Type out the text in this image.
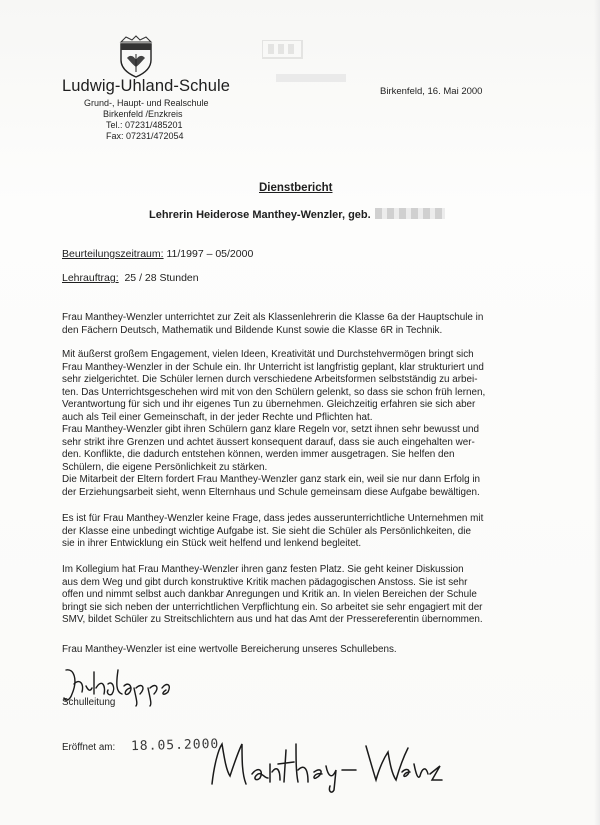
Ludwig-Uhland-Schule
Grund-, Haupt- und Realschule
Birkenfeld /Enzkreis
Tel.: 07231/485201
Fax: 07231/472054
Birkenfeld, 16. Mai 2000
Dienstbericht
Lehrerin Heiderose Manthey-Wenzler, geb.
Beurteilungszeitraum: 11/1997 – 05/2000
Lehrauftrag: 25 / 28 Stunden
Frau Manthey-Wenzler unterrichtet zur Zeit als Klassenlehrerin die Klasse 6a der Hauptschule in
den Fächern Deutsch, Mathematik und Bildende Kunst sowie die Klasse 6R in Technik.
Mit äußerst großem Engagement, vielen Ideen, Kreativität und Durchstehvermögen bringt sich
Frau Manthey-Wenzler in der Schule ein. Ihr Unterricht ist langfristig geplant, klar strukturiert und
sehr zielgerichtet. Die Schüler lernen durch verschiedene Arbeitsformen selbstständig zu arbei-
ten. Das Unterrichtsgeschehen wird mit von den Schülern gelenkt, so dass sie schon früh lernen,
Verantwortung für sich und ihr eigenes Tun zu übernehmen. Gleichzeitig erfahren sie sich aber
auch als Teil einer Gemeinschaft, in der jeder Rechte und Pflichten hat.
Frau Manthey-Wenzler gibt ihren Schülern ganz klare Regeln vor, setzt ihnen sehr bewusst und
sehr strikt ihre Grenzen und achtet äussert konsequent darauf, dass sie auch eingehalten wer-
den. Konflikte, die dadurch entstehen können, werden immer ausgetragen. Sie helfen den
Schülern, die eigene Persönlichkeit zu stärken.
Die Mitarbeit der Eltern fordert Frau Manthey-Wenzler ganz stark ein, weil sie nur dann Erfolg in
der Erziehungsarbeit sieht, wenn Elternhaus und Schule gemeinsam diese Aufgabe bewältigen.
Es ist für Frau Manthey-Wenzler keine Frage, dass jedes ausserunterrichtliche Unternehmen mit
der Klasse eine unbedingt wichtige Aufgabe ist. Sie sieht die Schüler als Persönlichkeiten, die
sie in ihrer Entwicklung ein Stück weit helfend und lenkend begleitet.
Im Kollegium hat Frau Manthey-Wenzler ihren ganz festen Platz. Sie geht keiner Diskussion
aus dem Weg und gibt durch konstruktive Kritik machen pädagogischen Anstoss. Sie ist sehr
offen und nimmt selbst auch dankbar Anregungen und Kritik an. In vielen Bereichen der Schule
bringt sie sich neben der unterrichtlichen Verpflichtung ein. So arbeitet sie sehr engagiert mit der
SMV, bildet Schüler zu Streitschlichtern aus und hat das Amt der Pressereferentin übernommen.
Frau Manthey-Wenzler ist eine wertvolle Bereicherung unseres Schullebens.
Schulleitung
Eröffnet am: 18.05.2000
